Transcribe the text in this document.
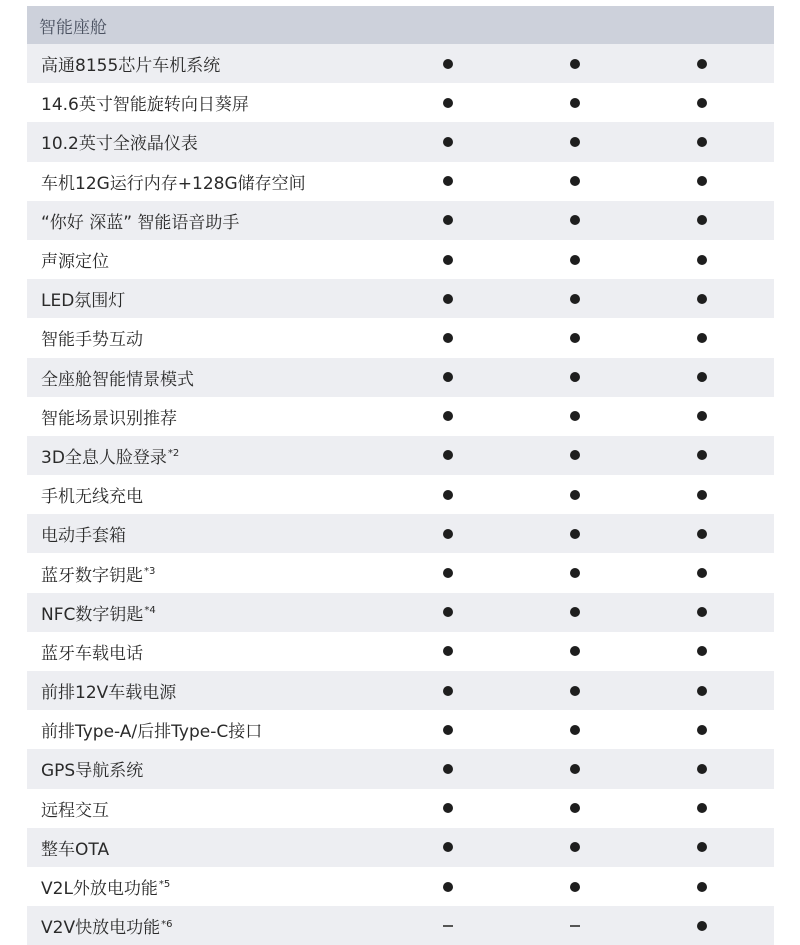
智能座舱
高通8155芯片车机系统
14.6英寸智能旋转向日葵屏
10.2英寸全液晶仪表
车机12G运行内存+128G储存空间
“你好 深蓝” 智能语音助手
声源定位
LED氛围灯
智能手势互动
全座舱智能情景模式
智能场景识别推荐
3D全息人脸登录$^{*2}$
手机无线充电
电动手套箱
蓝牙数字钥匙$^{*3}$
NFC数字钥匙$^{*4}$
蓝牙车载电话
前排12V车载电源
前排Type-A/后排Type-C接口
GPS导航系统
远程交互
整车OTA
V2L外放电功能$^{*5}$
V2V快放电功能$^{*6}$
